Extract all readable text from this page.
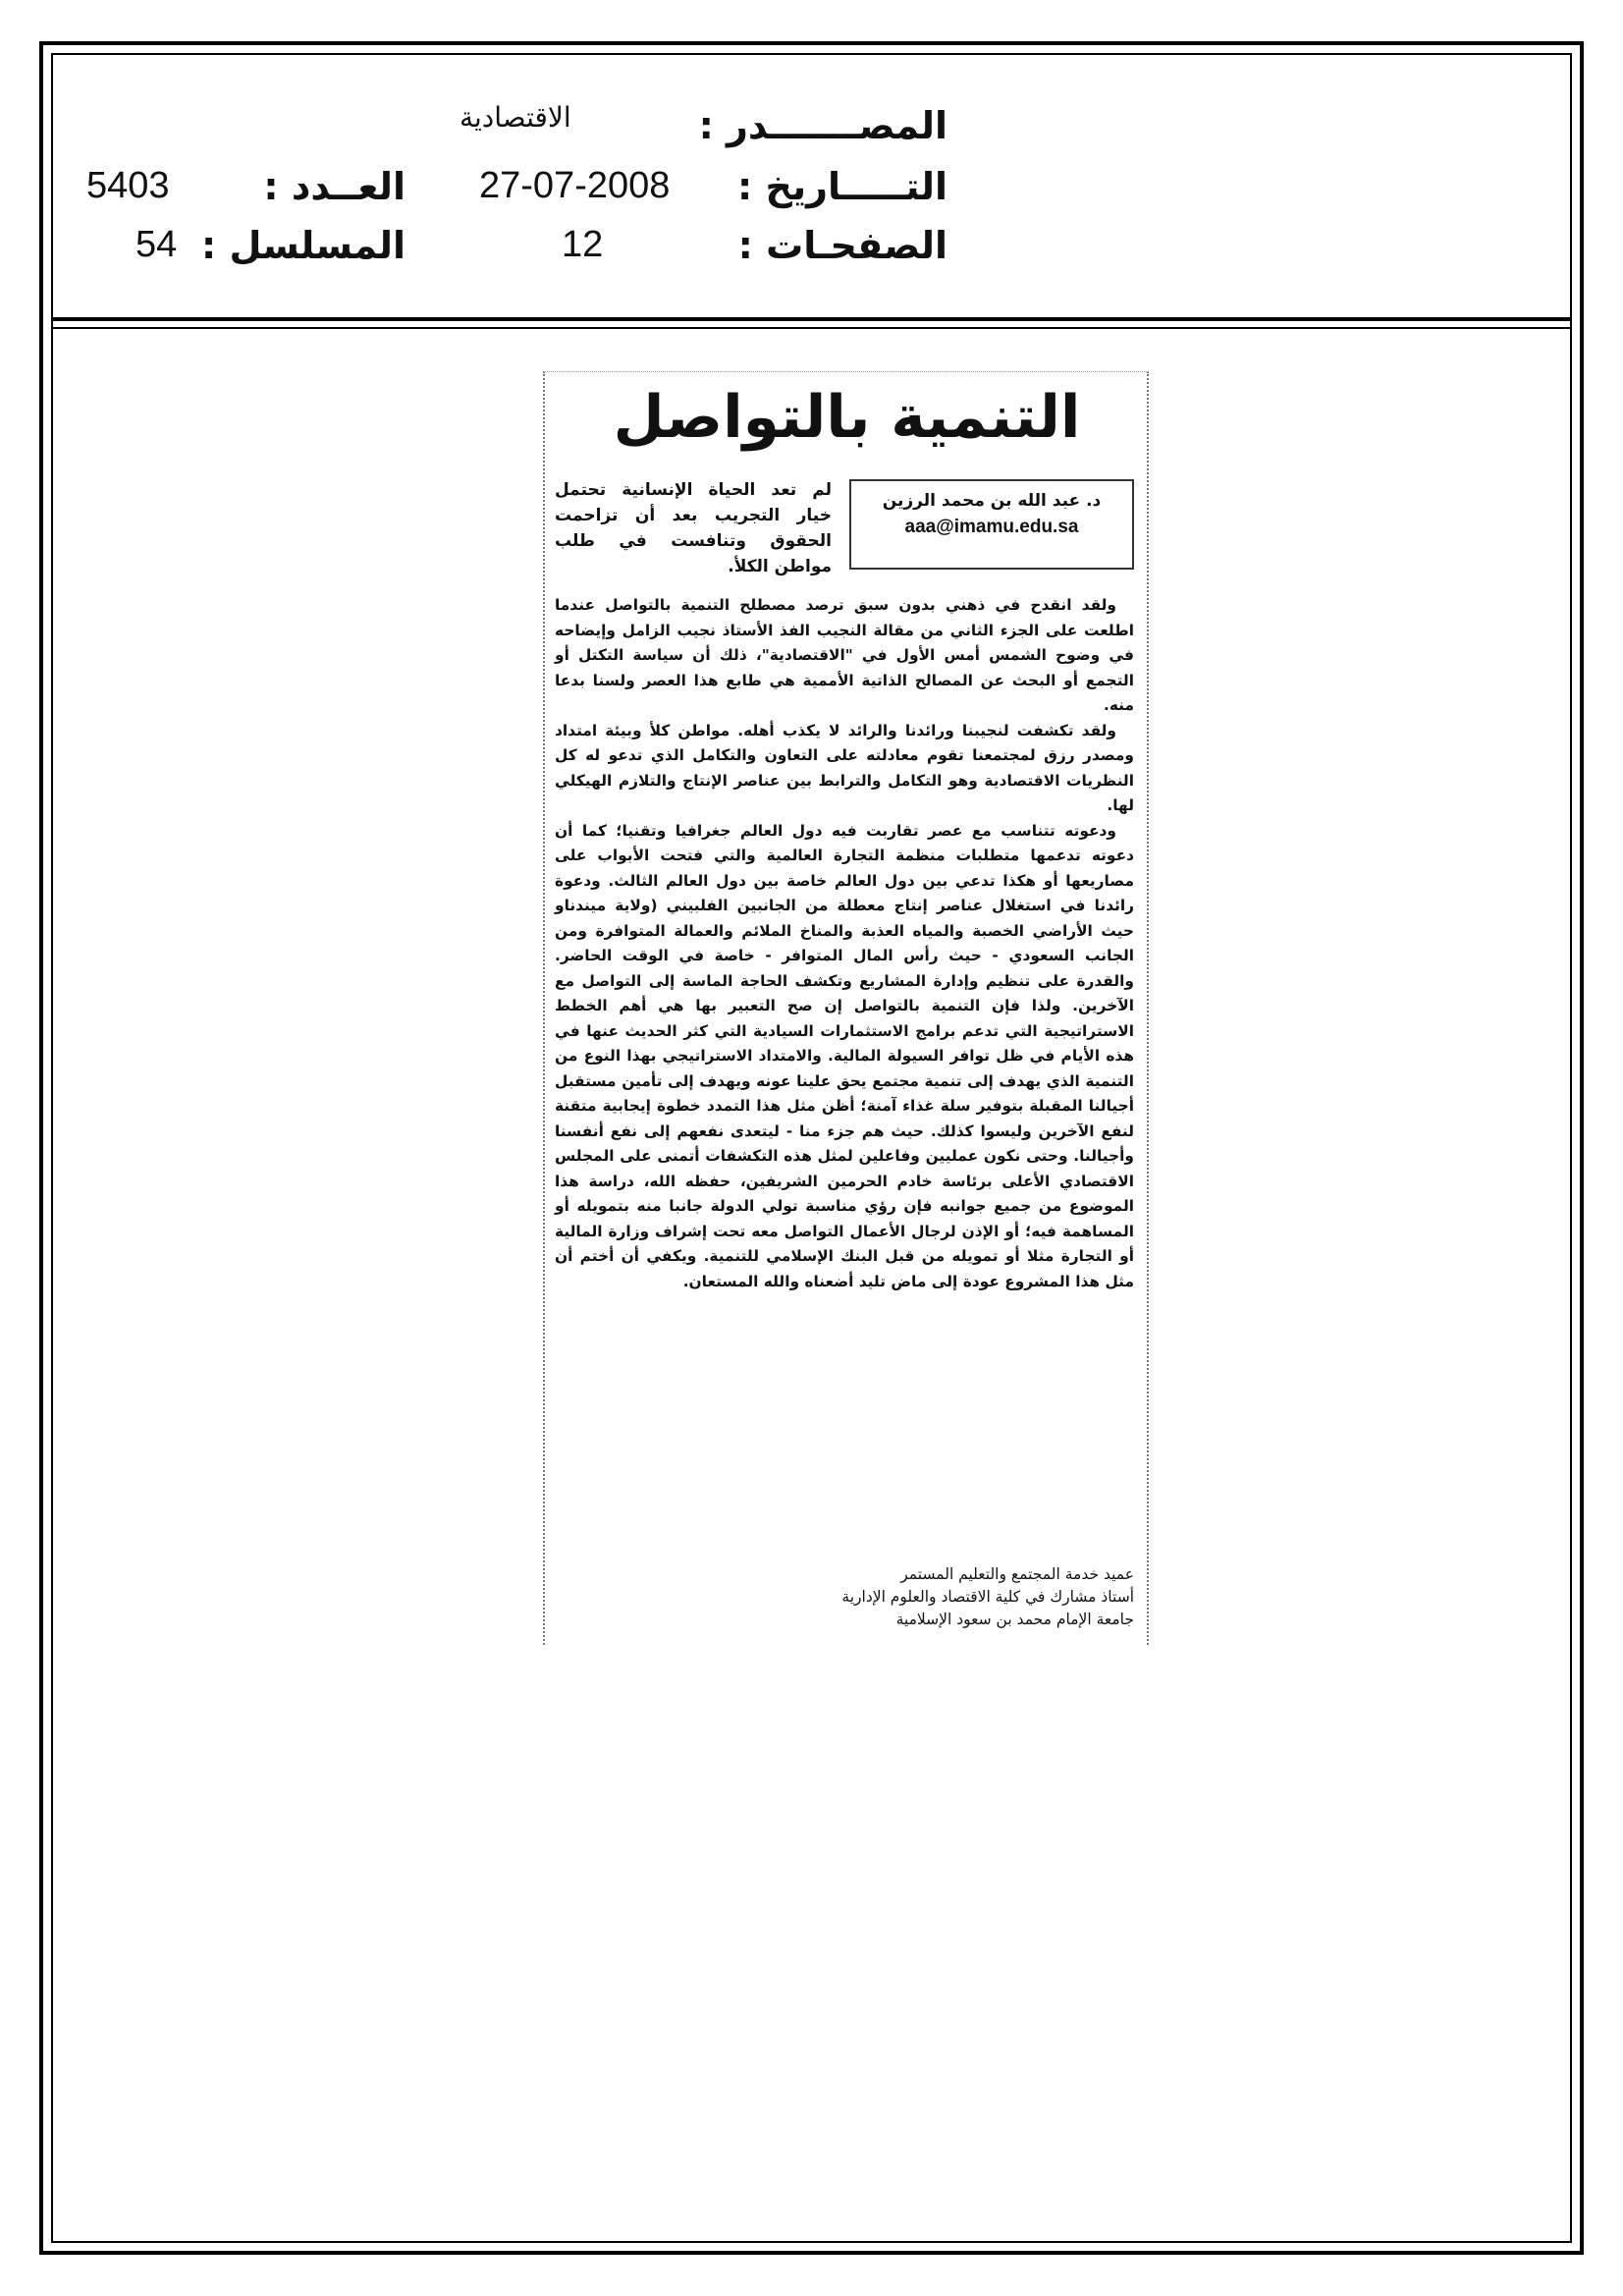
المصـــــــدر :
الاقتصادية
التـــــاريخ :
27-07-2008
الصفحـات :
12
العــدد :
5403
المسلسل :
54
التنمية بالتواصل
د. عبد الله بن محمد الرزين
aaa@imamu.edu.sa
لم تعد الحياة الإنسانية تحتمل خيار التجريب بعد أن تزاحمت الحقوق وتنافست في طلب مواطن الكلأ.

ولقد انقدح في ذهني بدون سبق ترصد مصطلح التنمية بالتواصل عندما اطلعت على الجزء الثاني من مقالة النجيب الفذ الأستاذ نجيب الزامل وإيضاحه في وضوح الشمس أمس الأول في "الاقتصادية"، ذلك أن سياسة التكتل أو التجمع أو البحث عن المصالح الذاتية الأممية هي طابع هذا العصر ولسنا بدعا منه.

ولقد تكشفت لنجيبنا ورائدنا والرائد لا يكذب أهله. مواطن كلأ وبيئة امتداد ومصدر رزق لمجتمعنا تقوم معادلته على التعاون والتكامل الذي تدعو له كل النظريات الاقتصادية وهو التكامل والترابط بين عناصر الإنتاج والتلازم الهيكلي لها.

ودعوته تتناسب مع عصر تقاربت فيه دول العالم جغرافيا وتقنيا؛ كما أن دعوته تدعمها متطلبات منظمة التجارة العالمية والتي فتحت الأبواب على مصاريعها أو هكذا تدعي بين دول العالم خاصة بين دول العالم الثالث. ودعوة رائدنا في استغلال عناصر إنتاج معطلة من الجانبين الفلبيني (ولاية ميندناو حيث الأراضي الخصبة والمياه العذبة والمناخ الملائم والعمالة المتوافرة ومن الجانب السعودي - حيث رأس المال المتوافر - خاصة في الوقت الحاضر. والقدرة على تنظيم وإدارة المشاريع وتكشف الحاجة الماسة إلى التواصل مع الآخرين. ولذا فإن التنمية بالتواصل إن صح التعبير بها هي أهم الخطط الاستراتيجية التي تدعم برامج الاستثمارات السيادية التي كثر الحديث عنها في هذه الأيام في ظل توافر السيولة المالية. والامتداد الاستراتيجي بهذا النوع من التنمية الذي يهدف إلى تنمية مجتمع يحق علينا عونه ويهدف إلى تأمين مستقبل أجيالنا المقبلة بتوفير سلة غذاء آمنة؛ أظن مثل هذا التمدد خطوة إيجابية متقنة لنفع الآخرين وليسوا كذلك. حيث هم جزء منا - ليتعدى نفعهم إلى نفع أنفسنا وأجيالنا. وحتى نكون عمليين وفاعلين لمثل هذه التكشفات أتمنى على المجلس الاقتصادي الأعلى برئاسة خادم الحرمين الشريفين، حفظه الله، دراسة هذا الموضوع من جميع جوانبه فإن رؤي مناسبة تولي الدولة جانبا منه بتمويله أو المساهمة فيه؛ أو الإذن لرجال الأعمال التواصل معه تحت إشراف وزارة المالية أو التجارة مثلا أو تمويله من قبل البنك الإسلامي للتنمية. ويكفي أن أختم أن مثل هذا المشروع عودة إلى ماض تليد أضعناه والله المستعان.

عميد خدمة المجتمع والتعليم المستمر
أستاذ مشارك في كلية الاقتصاد والعلوم الإدارية
جامعة الإمام محمد بن سعود الإسلامية
